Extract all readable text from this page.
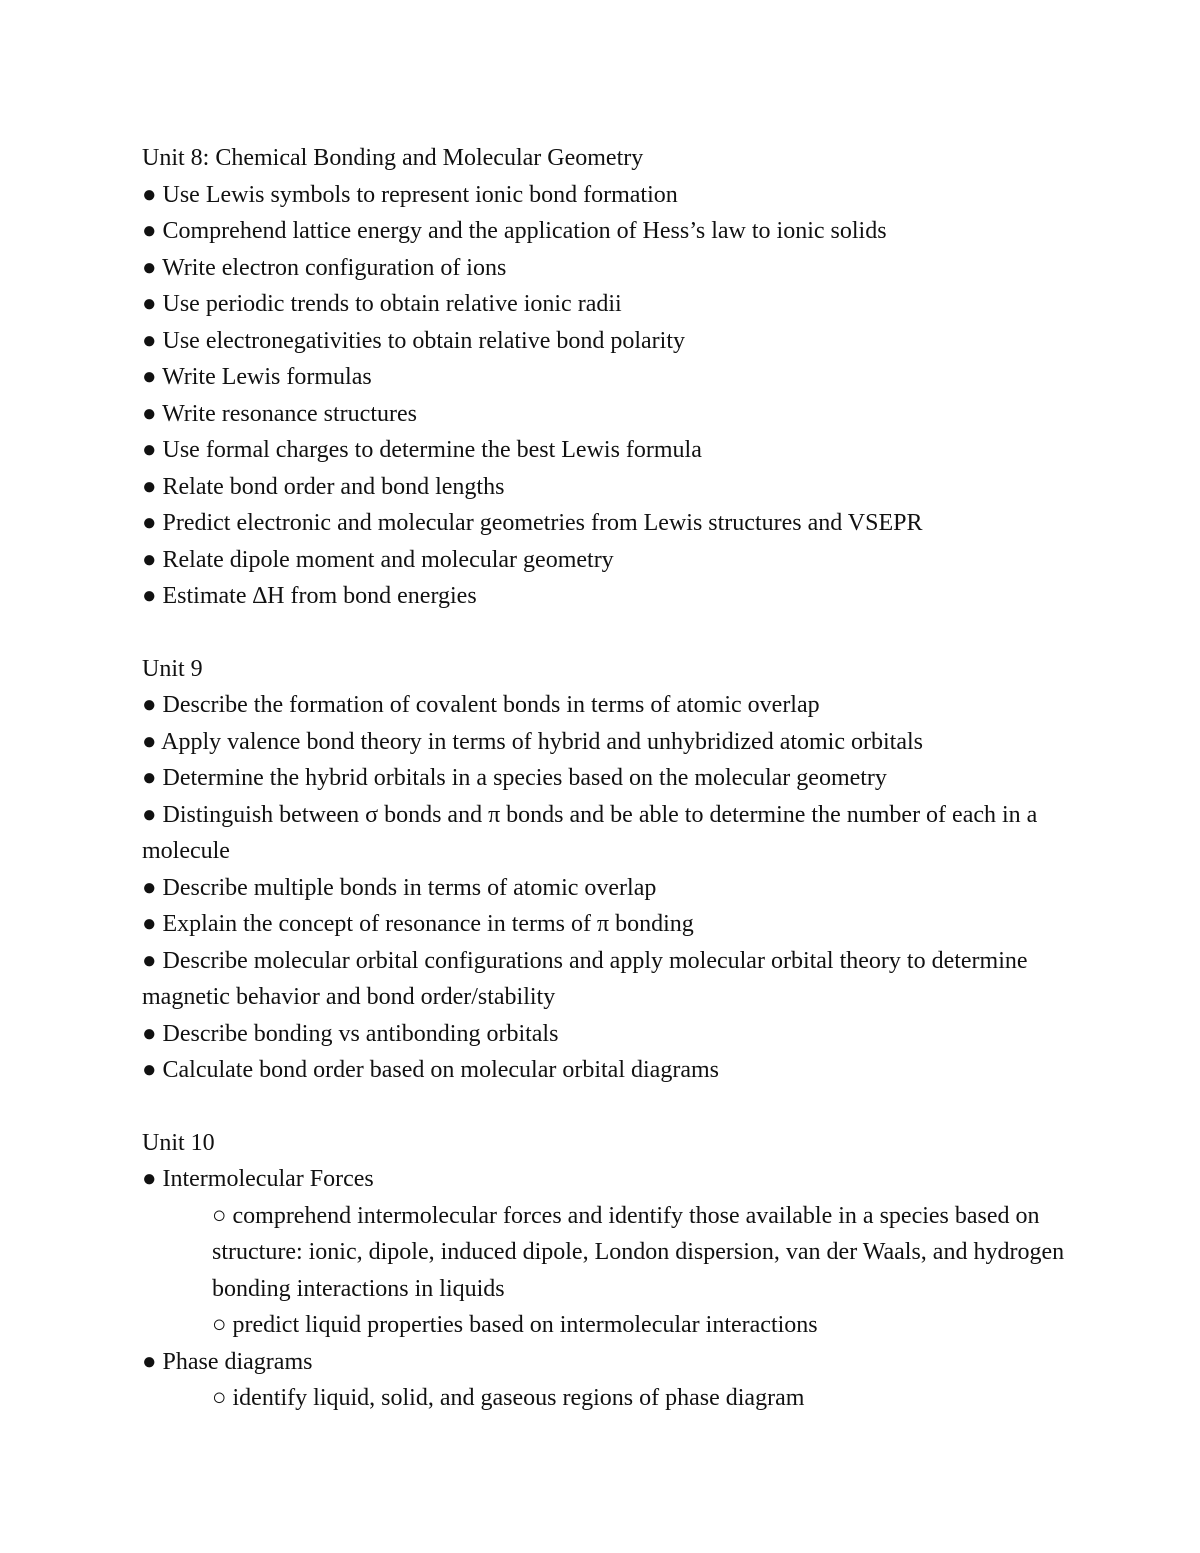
Unit 8: Chemical Bonding and Molecular Geometry

● Use Lewis symbols to represent ionic bond formation

● Comprehend lattice energy and the application of Hess’s law to ionic solids

● Write electron configuration of ions

● Use periodic trends to obtain relative ionic radii

● Use electronegativities to obtain relative bond polarity

● Write Lewis formulas

● Write resonance structures

● Use formal charges to determine the best Lewis formula

● Relate bond order and bond lengths

● Predict electronic and molecular geometries from Lewis structures and VSEPR

● Relate dipole moment and molecular geometry

● Estimate ∆H from bond energies

Unit 9

● Describe the formation of covalent bonds in terms of atomic overlap

● Apply valence bond theory in terms of hybrid and unhybridized atomic orbitals

● Determine the hybrid orbitals in a species based on the molecular geometry

● Distinguish between σ bonds and π bonds and be able to determine the number of each in a molecule

● Describe multiple bonds in terms of atomic overlap

● Explain the concept of resonance in terms of π bonding

● Describe molecular orbital configurations and apply molecular orbital theory to determine magnetic behavior and bond order/stability

● Describe bonding vs antibonding orbitals

● Calculate bond order based on molecular orbital diagrams

Unit 10

● Intermolecular Forces

○ comprehend intermolecular forces and identify those available in a species based on structure: ionic, dipole, induced dipole, London dispersion, van der Waals, and hydrogen bonding interactions in liquids

○ predict liquid properties based on intermolecular interactions

● Phase diagrams

○ identify liquid, solid, and gaseous regions of phase diagram
